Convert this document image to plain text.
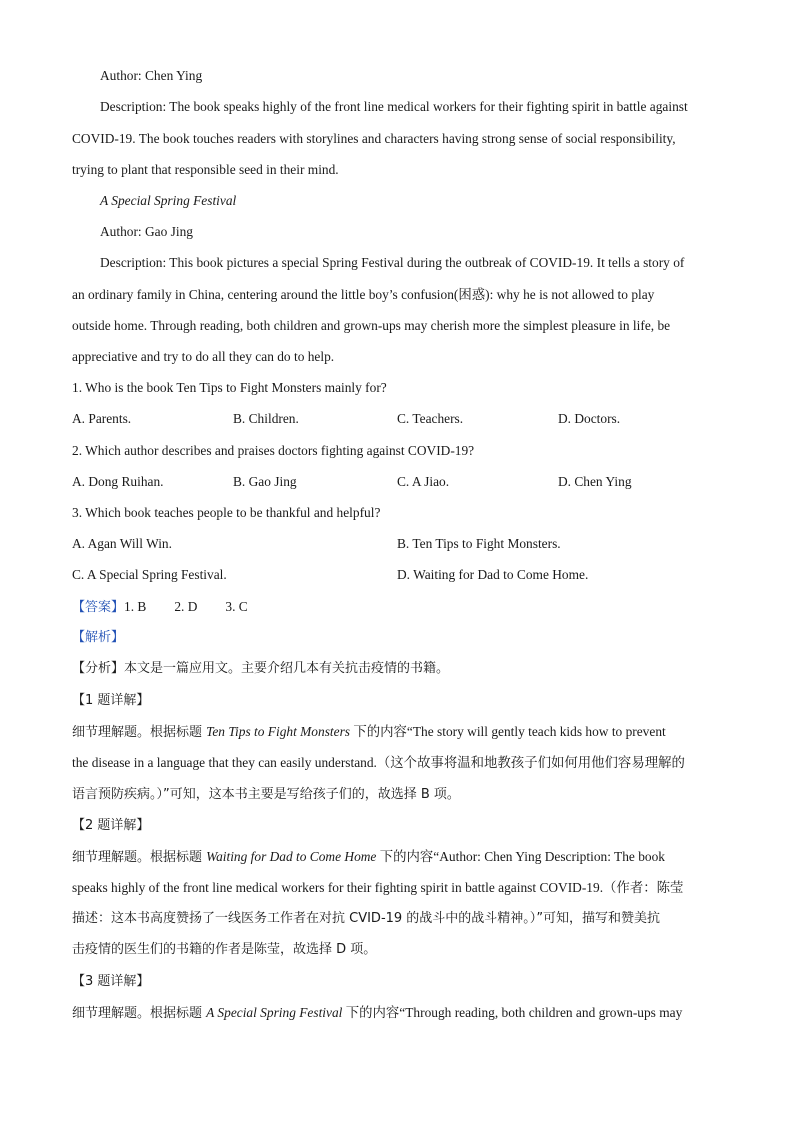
Author: Chen Ying
Description: The book speaks highly of the front line medical workers for their fighting spirit in battle against
COVID-19. The book touches readers with storylines and characters having strong sense of social responsibility,
trying to plant that responsible seed in their mind.
A Special Spring Festival
Author: Gao Jing
Description: This book pictures a special Spring Festival during the outbreak of COVID-19. It tells a story of
an ordinary family in China, centering around the little boy’s confusion(困惑): why he is not allowed to play
outside home. Through reading, both children and grown-ups may cherish more the simplest pleasure in life, be
appreciative and try to do all they can do to help.
1. Who is the book Ten Tips to Fight Monsters mainly for?
A. Parents.	B. Children.	C. Teachers.	D. Doctors.
2. Which author describes and praises doctors fighting against COVID-19?
A. Dong Ruihan.	B. Gao Jing	C. A Jiao.	D. Chen Ying
3. Which book teaches people to be thankful and helpful?
A. Agan Will Win.	B. Ten Tips to Fight Monsters.
C. A Special Spring Festival.	D. Waiting for Dad to Come Home.
【答案】1. B 2. D 3. C
【解析】
【分析】本文是一篇应用文。主要介绍几本有关抗击疫情的书籍。
【1 题详解】
细节理解题。根据标题 Ten Tips to Fight Monsters 下的内容“The story will gently teach kids how to prevent
the disease in a language that they can easily understand.（这个故事将温和地教孩子们如何用他们容易理解的
语言预防疾病。）”可知，这本书主要是写给孩子们的，故选择 B 项。
【2 题详解】
细节理解题。根据标题 Waiting for Dad to Come Home 下的内容“Author: Chen Ying Description: The book
speaks highly of the front line medical workers for their fighting spirit in battle against COVID-19.（作者：陈莹
描述：这本书高度赞扬了一线医务工作者在对抗 CVID-19 的战斗中的战斗精神。）”可知，描写和赞美抗
击疫情的医生们的书籍的作者是陈莹，故选择 D 项。
【3 题详解】
细节理解题。根据标题 A Special Spring Festival 下的内容“Through reading, both children and grown-ups may
